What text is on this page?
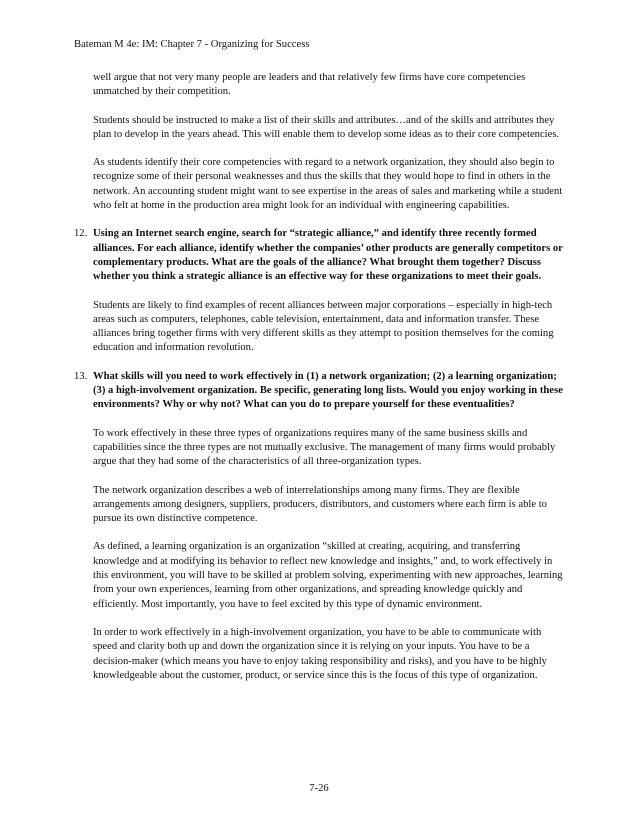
Bateman M 4e: IM: Chapter 7 - Organizing for Success

well argue that not very many people are leaders and that relatively few firms have core competencies unmatched by their competition.

Students should be instructed to make a list of their skills and attributes…and of the skills and attributes they plan to develop in the years ahead. This will enable them to develop some ideas as to their core competencies.

As students identify their core competencies with regard to a network organization, they should also begin to recognize some of their personal weaknesses and thus the skills that they would hope to find in others in the network. An accounting student might want to see expertise in the areas of sales and marketing while a student who felt at home in the production area might look for an individual with engineering capabilities.

12. Using an Internet search engine, search for “strategic alliance,” and identify three recently formed alliances. For each alliance, identify whether the companies’ other products are generally competitors or complementary products. What are the goals of the alliance? What brought them together? Discuss whether you think a strategic alliance is an effective way for these organizations to meet their goals.

Students are likely to find examples of recent alliances between major corporations – especially in high-tech areas such as computers, telephones, cable television, entertainment, data and information transfer. These alliances bring together firms with very different skills as they attempt to position themselves for the coming education and information revolution.

13. What skills will you need to work effectively in (1) a network organization; (2) a learning organization; (3) a high-involvement organization. Be specific, generating long lists. Would you enjoy working in these environments? Why or why not? What can you do to prepare yourself for these eventualities?

To work effectively in these three types of organizations requires many of the same business skills and capabilities since the three types are not mutually exclusive. The management of many firms would probably argue that they had some of the characteristics of all three-organization types.

The network organization describes a web of interrelationships among many firms. They are flexible arrangements among designers, suppliers, producers, distributors, and customers where each firm is able to pursue its own distinctive competence.

As defined, a learning organization is an organization “skilled at creating, acquiring, and transferring knowledge and at modifying its behavior to reflect new knowledge and insights,” and, to work effectively in this environment, you will have to be skilled at problem solving, experimenting with new approaches, learning from your own experiences, learning from other organizations, and spreading knowledge quickly and efficiently. Most importantly, you have to feel excited by this type of dynamic environment.

In order to work effectively in a high-involvement organization, you have to be able to communicate with speed and clarity both up and down the organization since it is relying on your inputs. You have to be a decision-maker (which means you have to enjoy taking responsibility and risks), and you have to be highly knowledgeable about the customer, product, or service since this is the focus of this type of organization.

7-26
